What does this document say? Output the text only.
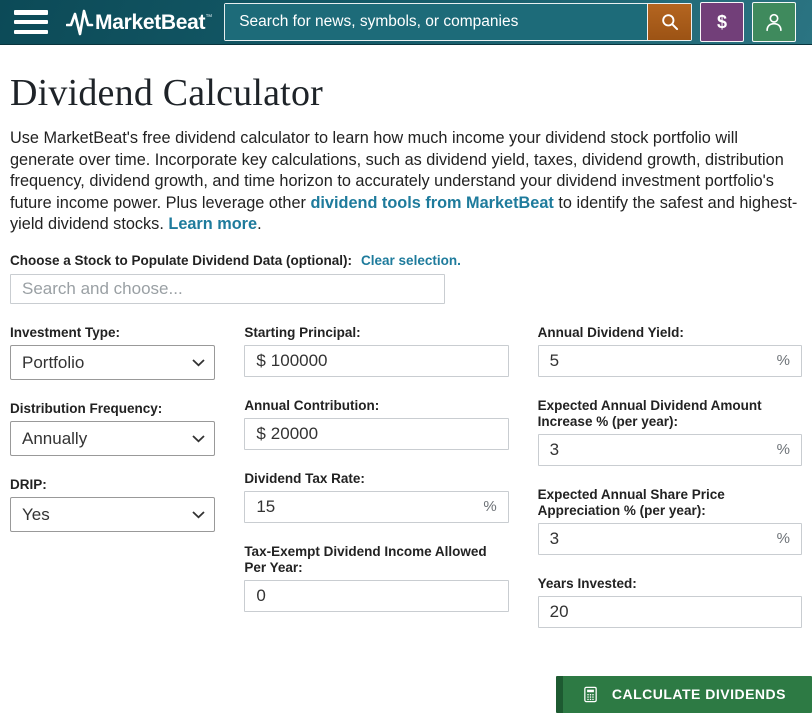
MarketBeat ™
Search for news, symbols, or companies	$
Dividend Calculator

Use MarketBeat's free dividend calculator to learn how much income your dividend stock portfolio will generate over time. Incorporate key calculations, such as dividend yield, taxes, dividend growth, distribution frequency, dividend growth, and time horizon to accurately understand your dividend investment portfolio's future income power. Plus leverage other dividend tools from MarketBeat to identify the safest and highest-yield dividend stocks. Learn more.

Choose a Stock to Populate Dividend Data (optional): Clear selection.
Search and choose...
Investment Type:
Portfolio
Distribution Frequency:
Annually
DRIP:
Yes
Starting Principal:
$
100000
Annual Contribution:
$
20000
Dividend Tax Rate:
15
%
Tax-Exempt Dividend Income Allowed Per Year:
0
Annual Dividend Yield:
5
%
Expected Annual Dividend Amount Increase % (per year):
3
%
Expected Annual Share Price Appreciation % (per year):
3
%
Years Invested:
20
CALCULATE DIVIDENDS
